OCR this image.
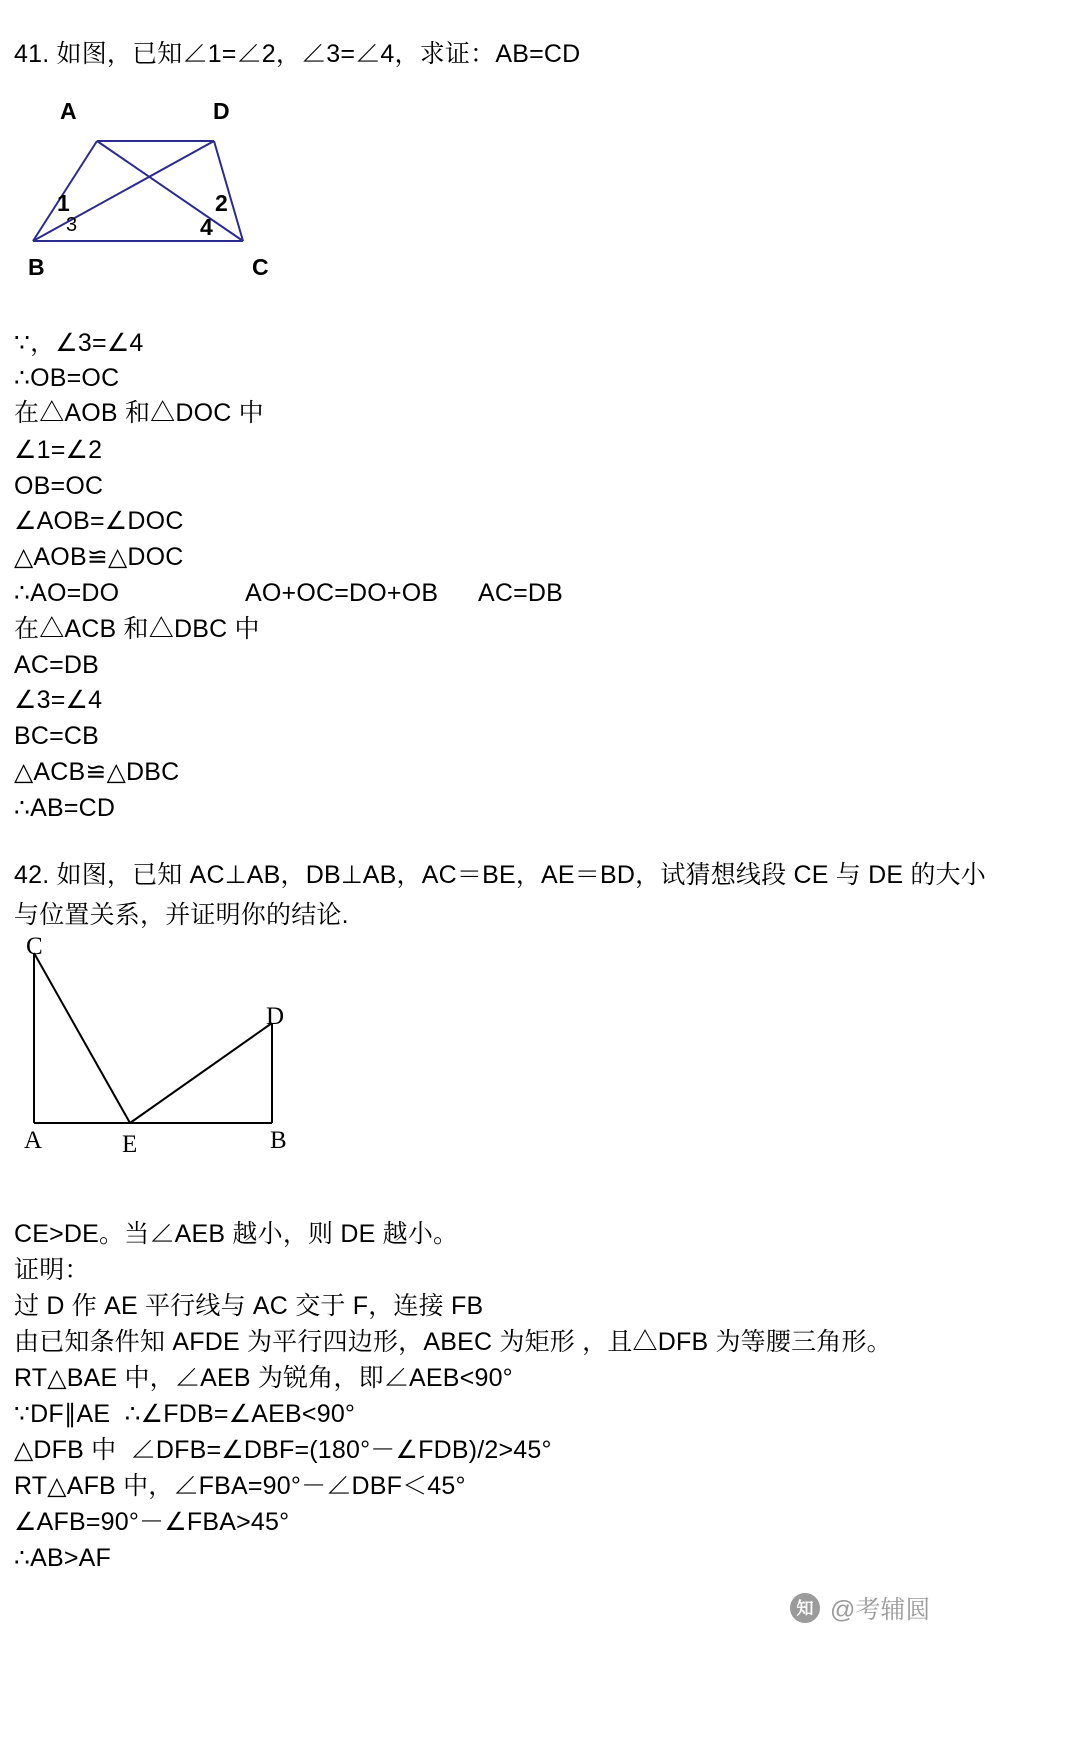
41. 如图，已知∠1=∠2，∠3=∠4，求证：AB=CD
A	D
B	C
1	2
3	4
∵，∠3=∠4
∴OB=OC
在△AOB 和△DOC 中
∠1=∠2
OB=OC
∠AOB=∠DOC
△AOB≌△DOC
∴AO=DO	AO+OC=DO+OB AC=DB
在△ACB 和△DBC 中
AC=DB
∠3=∠4
BC=CB
△ACB≌△DBC
∴AB=CD
42. 如图，已知 AC⊥AB，DB⊥AB，AC＝BE，AE＝BD，试猜想线段 CE 与 DE 的大小
与位置关系，并证明你的结论.
C
D
A	E	B
CE>DE。当∠AEB 越小，则 DE 越小。
证明：
过 D 作 AE 平行线与 AC 交于 F，连接 FB
由已知条件知 AFDE 为平行四边形，ABEC 为矩形 ，且△DFB 为等腰三角形。
RT△BAE 中，∠AEB 为锐角，即∠AEB<90°
∵DF∥AE  ∴∠FDB=∠AEB<90°
△DFB 中  ∠DFB=∠DBF=(180°－∠FDB)/2>45°
RT△AFB 中，∠FBA=90°－∠DBF＜45°
∠AFB=90°－∠FBA>45°
∴AB>AF
知 @考辅囻
